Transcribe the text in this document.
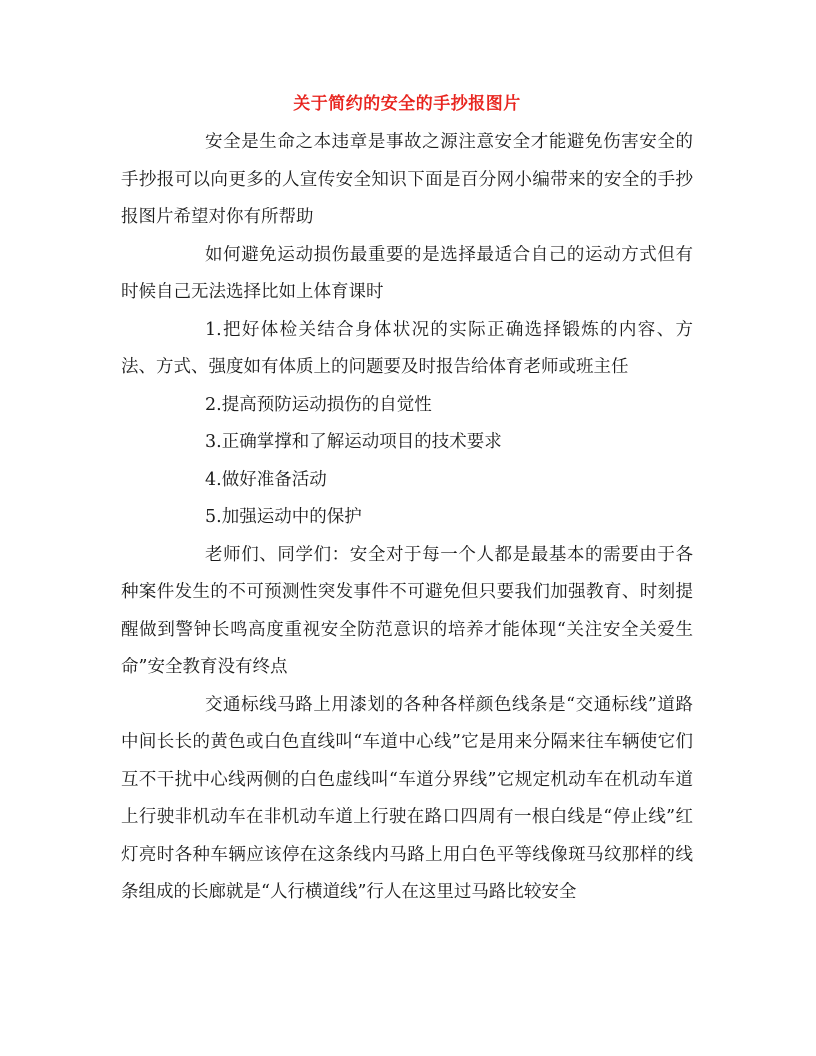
关于简约的安全的手抄报图片

安全是生命之本违章是事故之源注意安全才能避免伤害安全的手抄报可以向更多的人宣传安全知识下面是百分网小编带来的安全的手抄报图片希望对你有所帮助

如何避免运动损伤最重要的是选择最适合自己的运动方式但有时候自己无法选择比如上体育课时

1.把好体检关结合身体状况的实际正确选择锻炼的内容、方法、方式、强度如有体质上的问题要及时报告给体育老师或班主任

2.提高预防运动损伤的自觉性

3.正确掌撑和了解运动项目的技术要求

4.做好准备活动

5.加强运动中的保护

老师们、同学们：安全对于每一个人都是最基本的需要由于各种案件发生的不可预测性突发事件不可避免但只要我们加强教育、时刻提醒做到警钟长鸣高度重视安全防范意识的培养才能体现“关注安全关爱生命”安全教育没有终点

交通标线马路上用漆划的各种各样颜色线条是“交通标线”道路中间长长的黄色或白色直线叫“车道中心线”它是用来分隔来往车辆使它们互不干扰中心线两侧的白色虚线叫“车道分界线”它规定机动车在机动车道上行驶非机动车在非机动车道上行驶在路口四周有一根白线是“停止线”红灯亮时各种车辆应该停在这条线内马路上用白色平等线像斑马纹那样的线条组成的长廊就是“人行横道线”行人在这里过马路比较安全
